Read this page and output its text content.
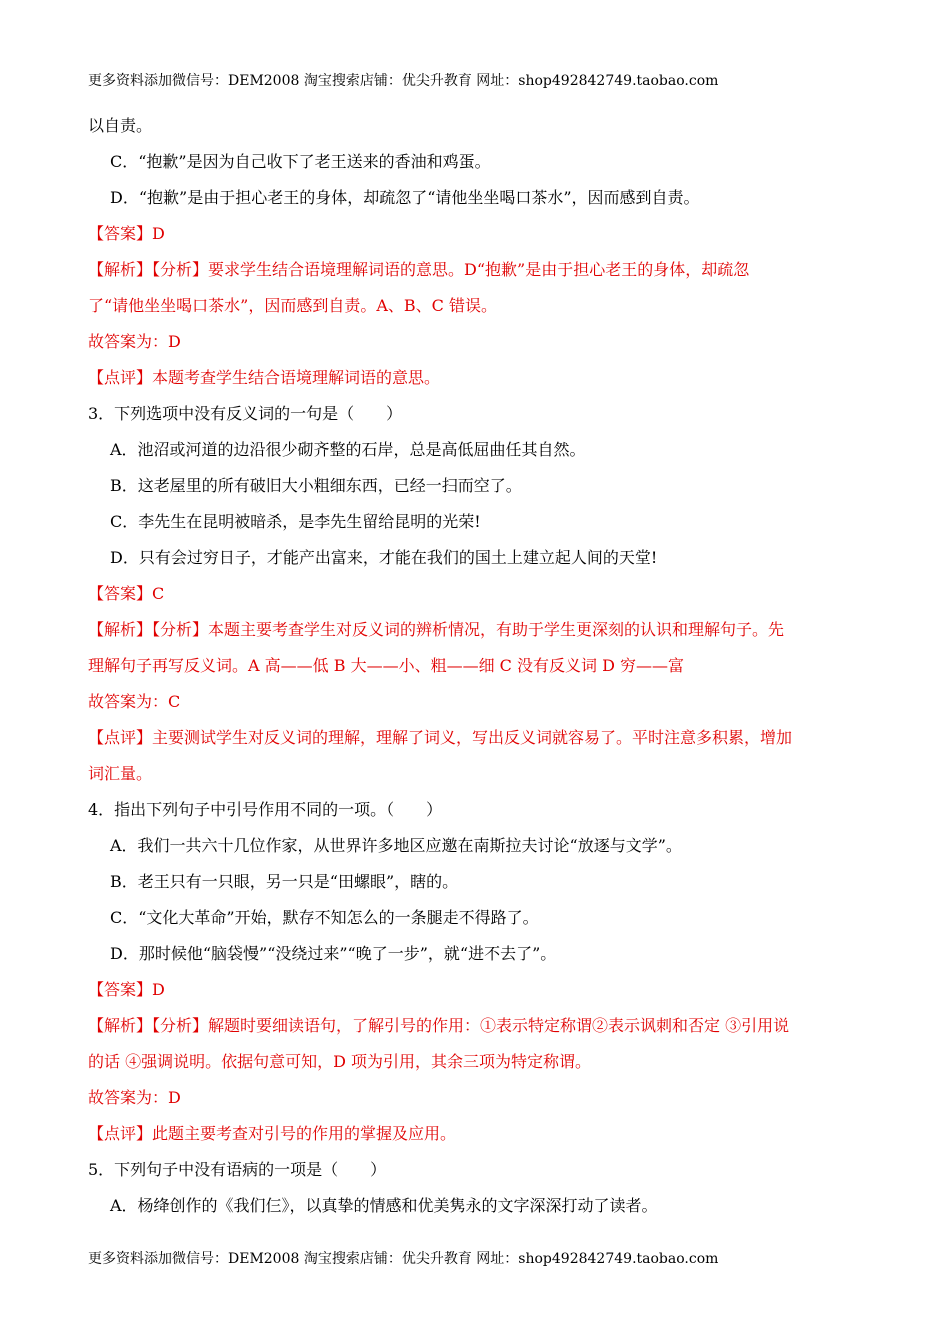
更多资料添加微信号：DEM2008 淘宝搜索店铺：优尖升教育 网址：shop492842749.taobao.com
以自责。
C．“抱歉”是因为自己收下了老王送来的香油和鸡蛋。
D．“抱歉”是由于担心老王的身体，却疏忽了“请他坐坐喝口茶水”，因而感到自责。
【答案】D
【解析】【分析】要求学生结合语境理解词语的意思。D“抱歉”是由于担心老王的身体，却疏忽
了“请他坐坐喝口茶水”，因而感到自责。A、B、C 错误。
故答案为：D
【点评】本题考查学生结合语境理解词语的意思。
3．下列选项中没有反义词的一句是（　　）
A．池沼或河道的边沿很少砌齐整的石岸，总是高低屈曲任其自然。
B．这老屋里的所有破旧大小粗细东西，已经一扫而空了。
C．李先生在昆明被暗杀，是李先生留给昆明的光荣!
D．只有会过穷日子，才能产出富来，才能在我们的国土上建立起人间的天堂!
【答案】C
【解析】【分析】本题主要考查学生对反义词的辨析情况，有助于学生更深刻的认识和理解句子。先
理解句子再写反义词。A 高——低 B 大——小、粗——细 C 没有反义词 D 穷——富
故答案为：C
【点评】主要测试学生对反义词的理解，理解了词义，写出反义词就容易了。平时注意多积累，增加
词汇量。
4．指出下列句子中引号作用不同的一项。（　　）
A．我们一共六十几位作家，从世界许多地区应邀在南斯拉夫讨论“放逐与文学”。
B．老王只有一只眼，另一只是“田螺眼”，瞎的。
C．“文化大革命”开始，默存不知怎么的一条腿走不得路了。
D．那时候他“脑袋慢”“没绕过来”“晚了一步”，就“进不去了”。
【答案】D
【解析】【分析】解题时要细读语句，了解引号的作用：①表示特定称谓②表示讽刺和否定 ③引用说
的话 ④强调说明。依据句意可知，D 项为引用，其余三项为特定称谓。
故答案为：D
【点评】此题主要考查对引号的作用的掌握及应用。
5．下列句子中没有语病的一项是（　　）
A．杨绛创作的《我们仨》，以真挚的情感和优美隽永的文字深深打动了读者。
更多资料添加微信号：DEM2008 淘宝搜索店铺：优尖升教育 网址：shop492842749.taobao.com
